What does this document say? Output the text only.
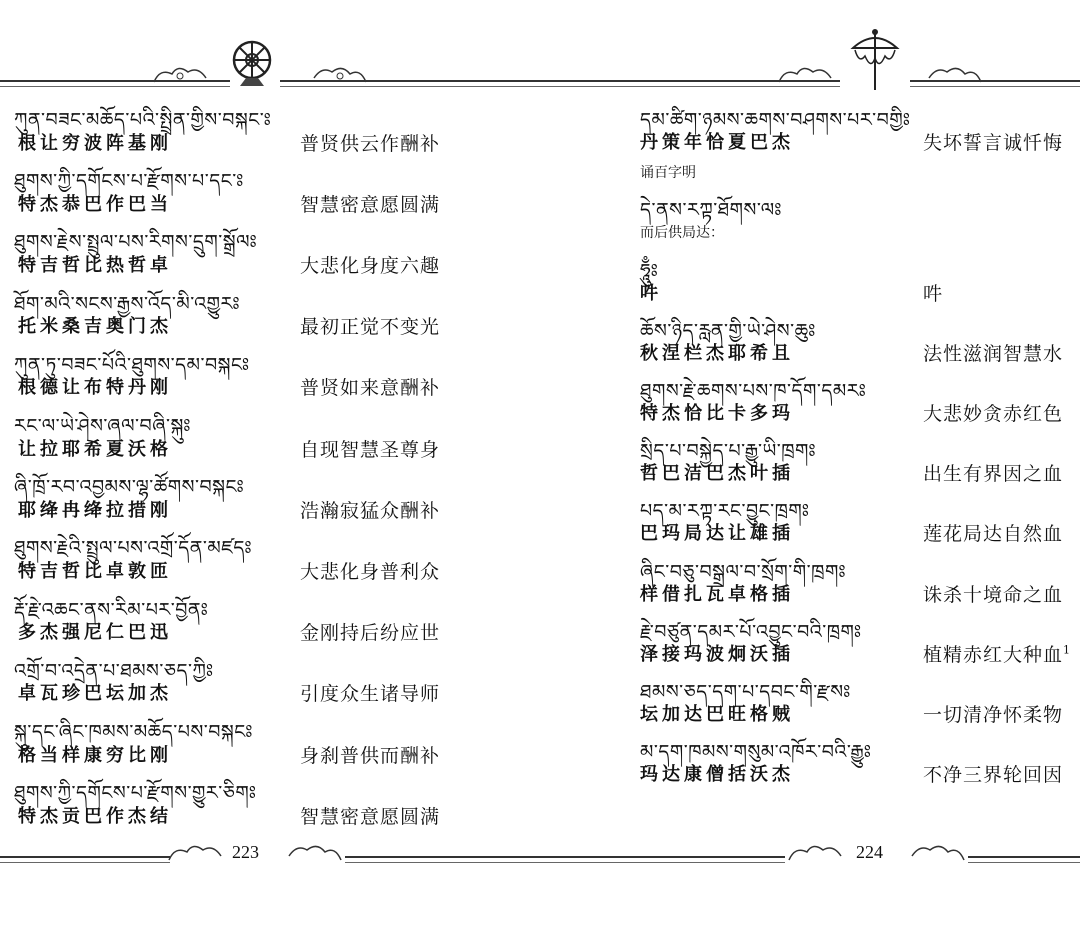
ཀུན་བཟང་མཆོད་པའི་སྤྲིན་གྱིས་བསྐང་ཿ
根让穷波阵基刚	普贤供云作酬补
ཐུགས་ཀྱི་དགོངས་པ་རྫོགས་པ་དང་ཿ
特杰恭巴作巴当	智慧密意愿圆满
ཐུགས་རྗེས་སྤྲུལ་པས་རིགས་དྲུག་སྒྲོལཿ
特吉哲比热哲卓	大悲化身度六趣
ཐོག་མའི་སངས་རྒྱས་འོད་མི་འགྱུརཿ
托米桑吉奥门杰	最初正觉不变光
ཀུན་ཏུ་བཟང་པོའི་ཐུགས་དམ་བསྐངཿ
根德让布特丹刚	普贤如来意酬补
རང་ལ་ཡེ་ཤེས་ཞལ་བཞི་སྐུཿ
让拉耶希夏沃格	自现智慧圣尊身
ཞི་ཁྲོ་རབ་འབྱམས་ལྷ་ཚོགས་བསྐངཿ
耶绛冉绛拉措刚	浩瀚寂猛众酬补
ཐུགས་རྗེའི་སྤྲུལ་པས་འགྲོ་དོན་མཛདཿ
特吉哲比卓敦匝	大悲化身普利众
རྡོ་རྗེ་འཆང་ནས་རིམ་པར་བྱོནཿ
多杰强尼仁巴迅	金刚持后纷应世
འགྲོ་བ་འདྲེན་པ་ཐམས་ཅད་ཀྱིཿ
卓瓦珍巴坛加杰	引度众生诸导师
སྐུ་དང་ཞིང་ཁམས་མཆོད་པས་བསྐངཿ
格当样康穷比刚	身刹普供而酬补
ཐུགས་ཀྱི་དགོངས་པ་རྫོགས་གྱུར་ཅིགཿ
特杰贡巴作杰结	智慧密意愿圆满
223
དམ་ཚིག་ཉམས་ཆགས་བཤགས་པར་བགྱིཿ
丹策年恰夏巴杰	失坏誓言诚忏悔
诵百字明
དེ་ནས་རཀྟ་ཐོགས་ལཿ
而后供局达：
ཧཱུྃཿ
吽	吽
ཆོས་ཉིད་རླན་གྱི་ཡེ་ཤེས་ཆུཿ
秋涅栏杰耶希且	法性滋润智慧水
ཐུགས་རྗེ་ཆགས་པས་ཁ་དོག་དམརཿ
特杰恰比卡多玛	大悲妙贪赤红色
སྲིད་པ་བསྐྱེད་པ་རྒྱུ་ཡི་ཁྲགཿ
哲巴洁巴杰叶插	出生有界因之血
པད་མ་རཀྟ་རང་བྱུང་ཁྲགཿ
巴玛局达让雄插	莲花局达自然血
ཞིང་བཅུ་བསྒྲལ་བ་སྲོག་གི་ཁྲགཿ
样借扎瓦卓格插	诛杀十境命之血
རྗེ་བཙུན་དམར་པོ་འབྱུང་བའི་ཁྲགཿ
泽接玛波炯沃插	植精赤红大种血$^1$
ཐམས་ཅད་དག་པ་དབང་གི་རྫསཿ
坛加达巴旺格贼	一切清净怀柔物
མ་དག་ཁམས་གསུམ་འཁོར་བའི་རྒྱུཿ
玛达康僧括沃杰	不净三界轮回因
224
